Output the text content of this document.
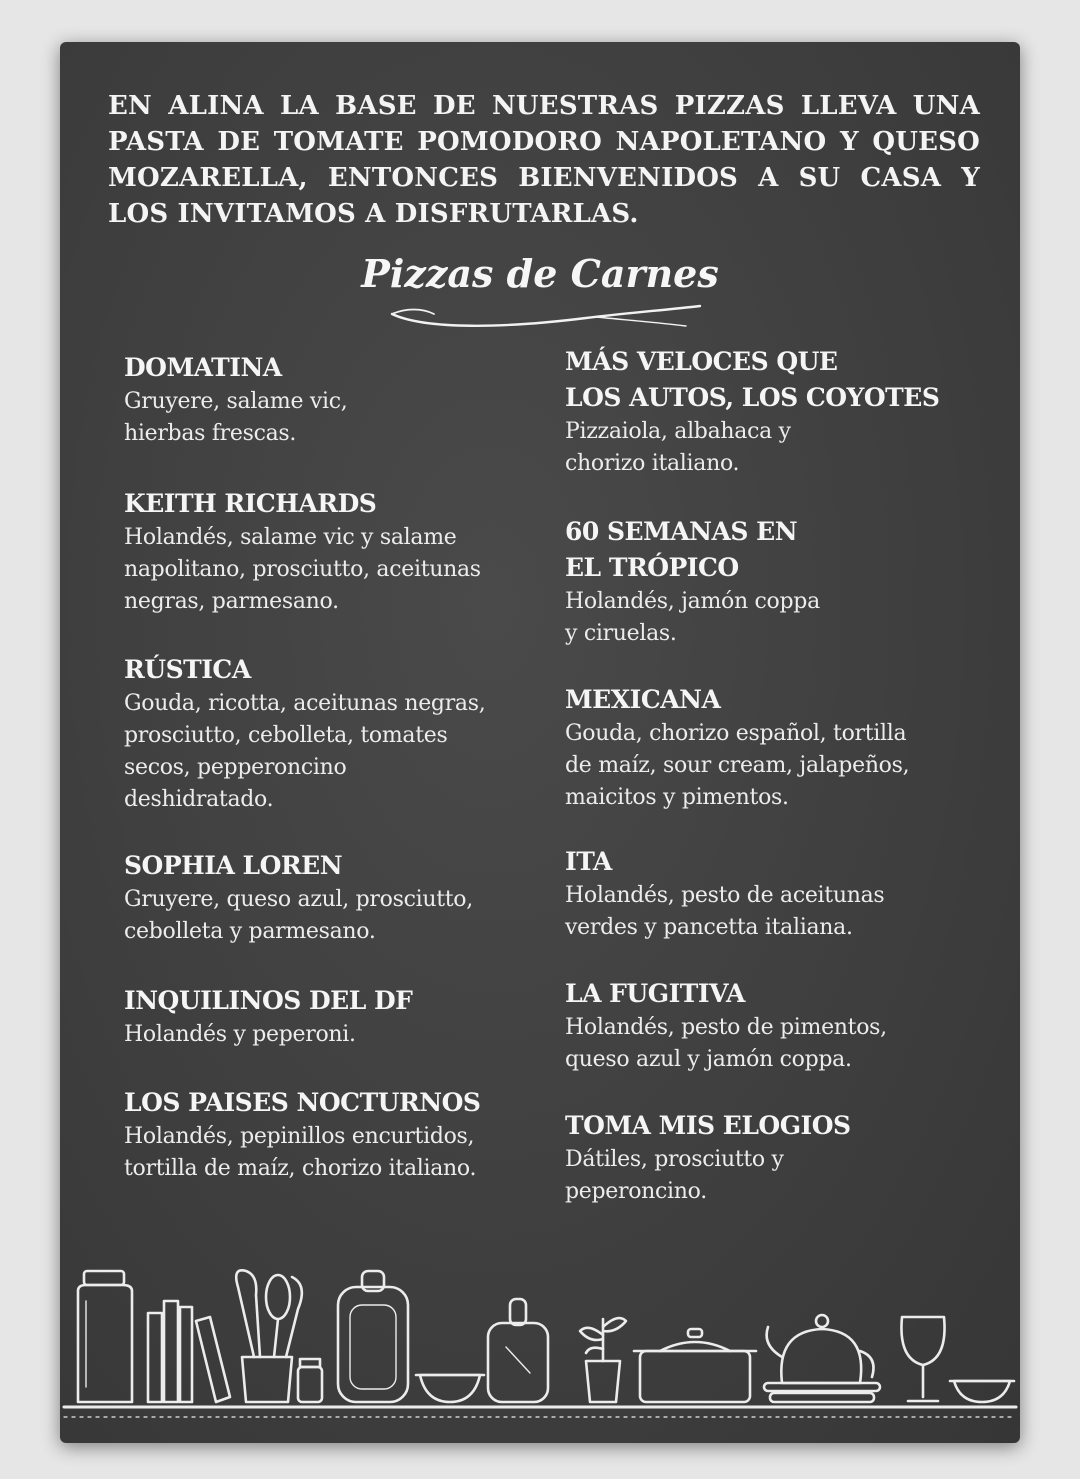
EN ALINA LA BASE DE NUESTRAS PIZZAS LLEVA UNA PASTA DE TOMATE POMODORO NAPOLETANO Y QUESO MOZARELLA, ENTONCES BIENVENIDOS A SU CASA Y LOS INVITAMOS A DISFRUTARLAS.

Pizzas de Carnes

DOMATINA

Gruyere, salame vic,

hierbas frescas.

KEITH RICHARDS

Holandés, salame vic y salame

napolitano, prosciutto, aceitunas

negras, parmesano.

RÚSTICA

Gouda, ricotta, aceitunas negras,

prosciutto, cebolleta, tomates

secos, pepperoncino

deshidratado.

SOPHIA LOREN

Gruyere, queso azul, prosciutto,

cebolleta y parmesano.

INQUILINOS DEL DF

Holandés y peperoni.

LOS PAISES NOCTURNOS

Holandés, pepinillos encurtidos,

tortilla de maíz, chorizo italiano.

MÁS VELOCES QUE

LOS AUTOS, LOS COYOTES

Pizzaiola, albahaca y

chorizo italiano.

60 SEMANAS EN

EL TRÓPICO

Holandés, jamón coppa

y ciruelas.

MEXICANA

Gouda, chorizo español, tortilla

de maíz, sour cream, jalapeños,

maicitos y pimentos.

ITA

Holandés, pesto de aceitunas

verdes y pancetta italiana.

LA FUGITIVA

Holandés, pesto de pimentos,

queso azul y jamón coppa.

TOMA MIS ELOGIOS

Dátiles, prosciutto y

peperoncino.
